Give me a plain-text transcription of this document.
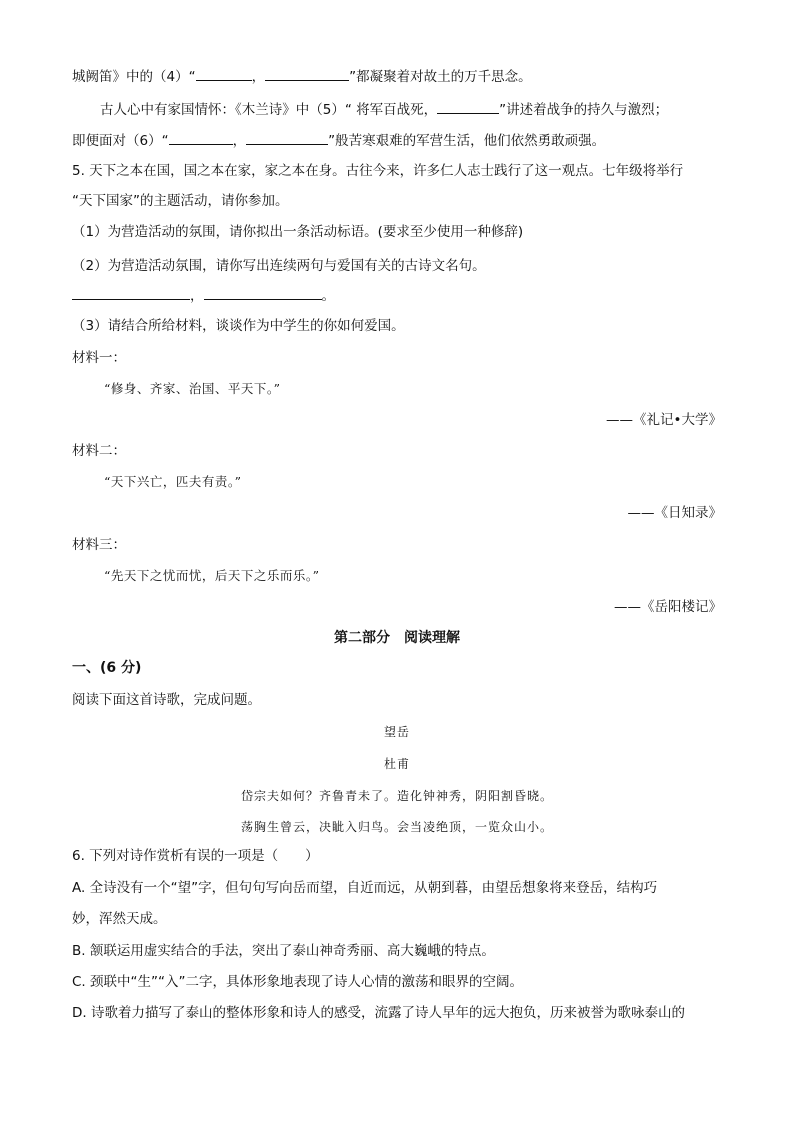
城阙笛》中的（4）“	，	”都凝聚着对故土的万千思念。
古人心中有家国情怀：《木兰诗》中（5）“ 将军百战死，	”讲述着战争的持久与激烈；
即便面对（6）“	，	”般苦寒艰难的军营生活，他们依然勇敢顽强。
5. 天下之本在国，国之本在家，家之本在身。古往今来，许多仁人志士践行了这一观点。七年级将举行
“天下国家”的主题活动，请你参加。
（1）为营造活动的氛围，请你拟出一条活动标语。(要求至少使用一种修辞)
（2）为营造活动氛围，请你写出连续两句与爱国有关的古诗文名句。
，	。
（3）请结合所给材料，谈谈作为中学生的你如何爱国。
材料一：
“修身、齐家、治国、平天下。”
——《礼记•大学》
材料二：
“天下兴亡，匹夫有责。”
——《日知录》
材料三：
“先天下之忧而忧，后天下之乐而乐。”
——《岳阳楼记》
第二部分　阅读理解
一、(6 分)
阅读下面这首诗歌，完成问题。
望岳
杜甫
岱宗夫如何？齐鲁青未了。造化钟神秀，阴阳割昏晓。
荡胸生曾云，决眦入归鸟。会当凌绝顶，一览众山小。
6. 下列对诗作赏析有误的一项是（　　）
A. 全诗没有一个“望”字，但句句写向岳而望，自近而远，从朝到暮，由望岳想象将来登岳，结构巧
妙，浑然天成。
B. 颔联运用虚实结合的手法，突出了泰山神奇秀丽、高大巍峨的特点。
C. 颈联中“生”“入”二字，具体形象地表现了诗人心情的激荡和眼界的空阔。
D. 诗歌着力描写了泰山的整体形象和诗人的感受，流露了诗人早年的远大抱负，历来被誉为歌咏泰山的
